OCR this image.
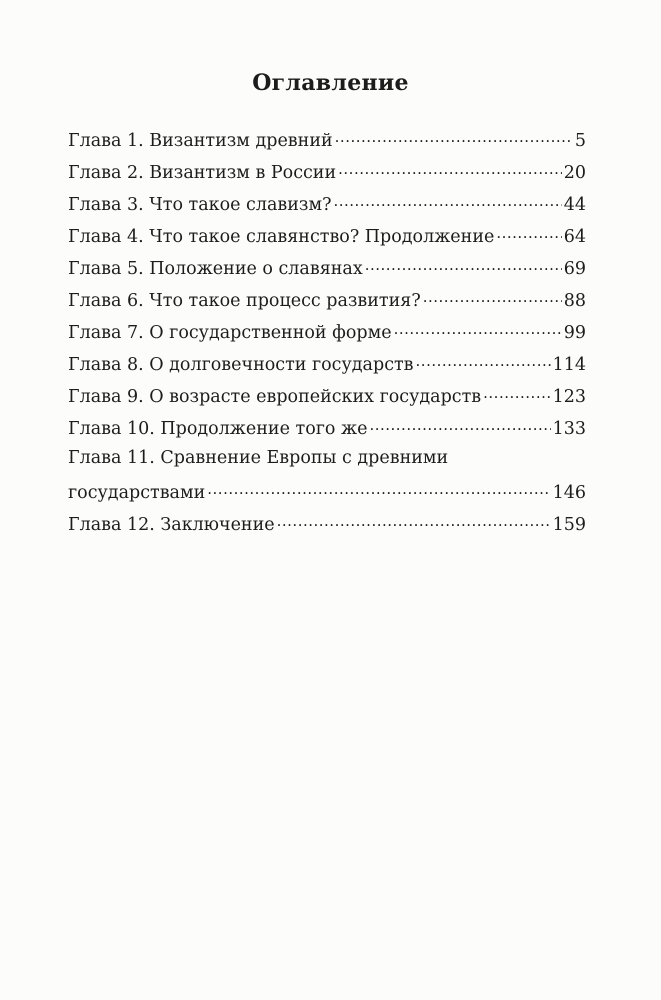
Оглавление
Глава 1. Византизм древний .....	5
Глава 2. Византизм в России .....	20
Глава 3. Что такое славизм? .....	44
Глава 4. Что такое славянство? Продолжение .....	64
Глава 5. Положение о славянах .....	69
Глава 6. Что такое процесс развития? .....	88
Глава 7. О государственной форме .....	99
Глава 8. О долговечности государств .....	114
Глава 9. О возрасте европейских государств .....	123
Глава 10. Продолжение того же .....	133
Глава 11. Сравнение Европы с древними
государствами .....	146
Глава 12. Заключение .....	159
